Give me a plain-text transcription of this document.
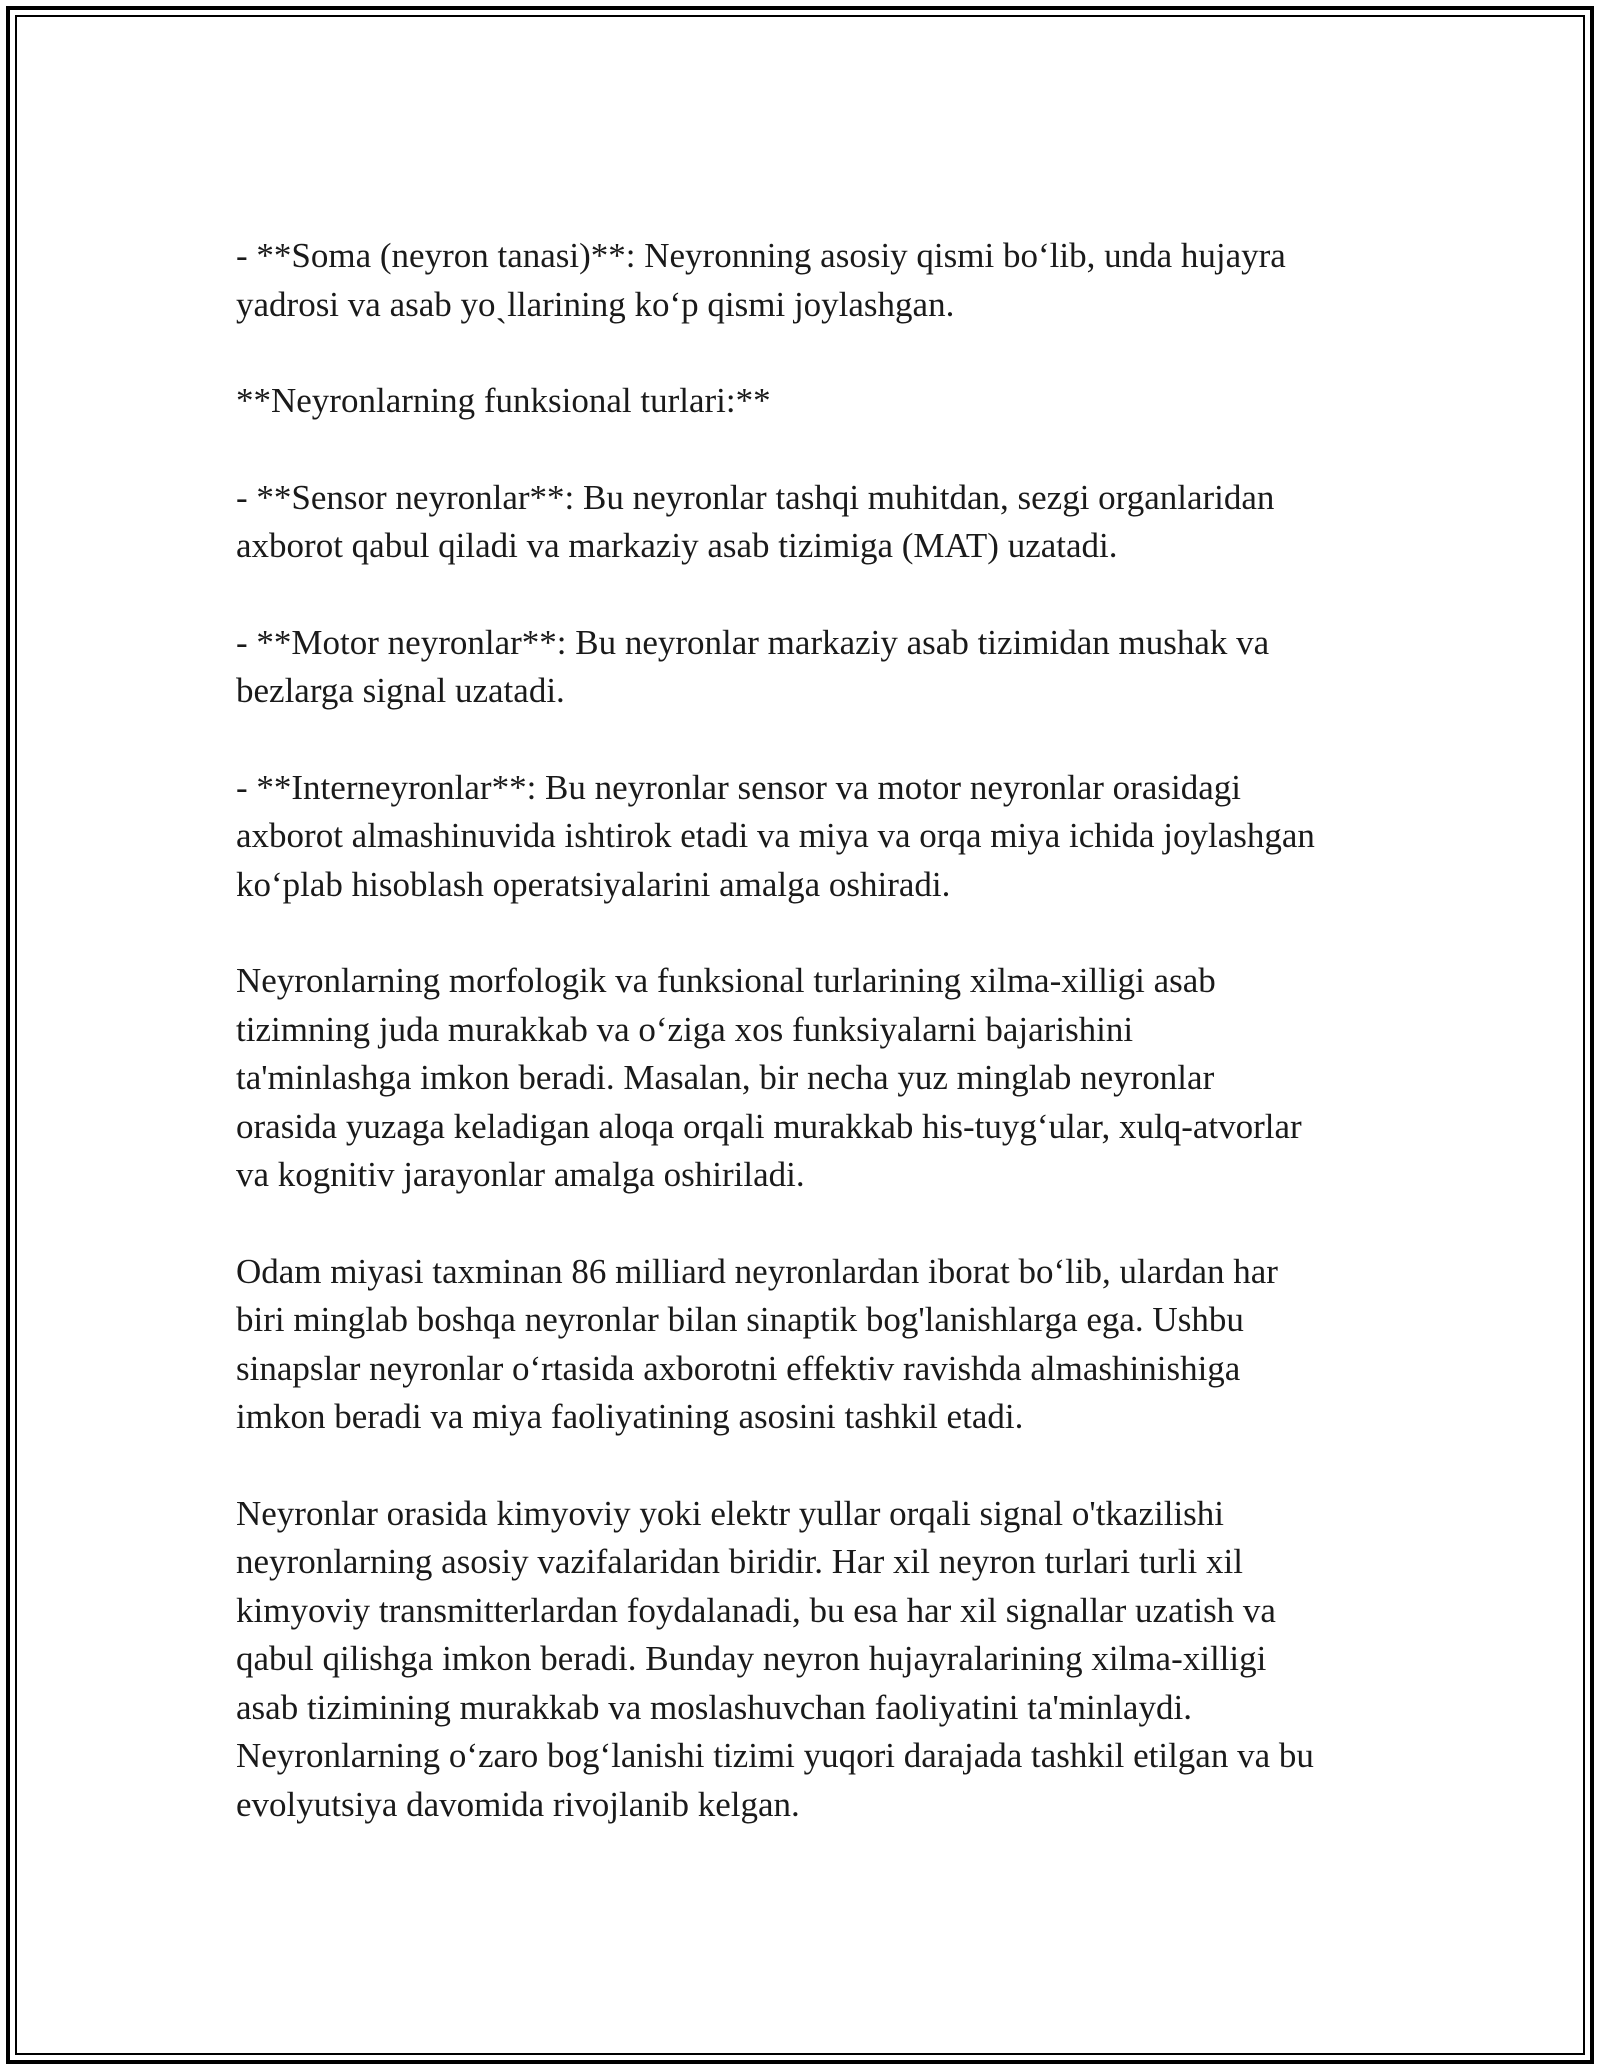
- **Soma (neyron tanasi)**: Neyronning asosiy qismi bo‘lib, unda hujayra
yadrosi va asab yoˎllarining ko‘p qismi joylashgan.

**Neyronlarning funksional turlari:**

- **Sensor neyronlar**: Bu neyronlar tashqi muhitdan, sezgi organlaridan
axborot qabul qiladi va markaziy asab tizimiga (MAT) uzatadi.

- **Motor neyronlar**: Bu neyronlar markaziy asab tizimidan mushak va
bezlarga signal uzatadi.

- **Interneyronlar**: Bu neyronlar sensor va motor neyronlar orasidagi
axborot almashinuvida ishtirok etadi va miya va orqa miya ichida joylashgan
ko‘plab hisoblash operatsiyalarini amalga oshiradi.

Neyronlarning morfologik va funksional turlarining xilma-xilligi asab
tizimning juda murakkab va o‘ziga xos funksiyalarni bajarishini
ta'minlashga imkon beradi. Masalan, bir necha yuz minglab neyronlar
orasida yuzaga keladigan aloqa orqali murakkab his-tuyg‘ular, xulq-atvorlar
va kognitiv jarayonlar amalga oshiriladi.

Odam miyasi taxminan 86 milliard neyronlardan iborat bo‘lib, ulardan har
biri minglab boshqa neyronlar bilan sinaptik bog'lanishlarga ega. Ushbu
sinapslar neyronlar o‘rtasida axborotni effektiv ravishda almashinishiga
imkon beradi va miya faoliyatining asosini tashkil etadi.

Neyronlar orasida kimyoviy yoki elektr yullar orqali signal o'tkazilishi
neyronlarning asosiy vazifalaridan biridir. Har xil neyron turlari turli xil
kimyoviy transmitterlardan foydalanadi, bu esa har xil signallar uzatish va
qabul qilishga imkon beradi. Bunday neyron hujayralarining xilma-xilligi
asab tizimining murakkab va moslashuvchan faoliyatini ta'minlaydi.
Neyronlarning o‘zaro bog‘lanishi tizimi yuqori darajada tashkil etilgan va bu
evolyutsiya davomida rivojlanib kelgan.
